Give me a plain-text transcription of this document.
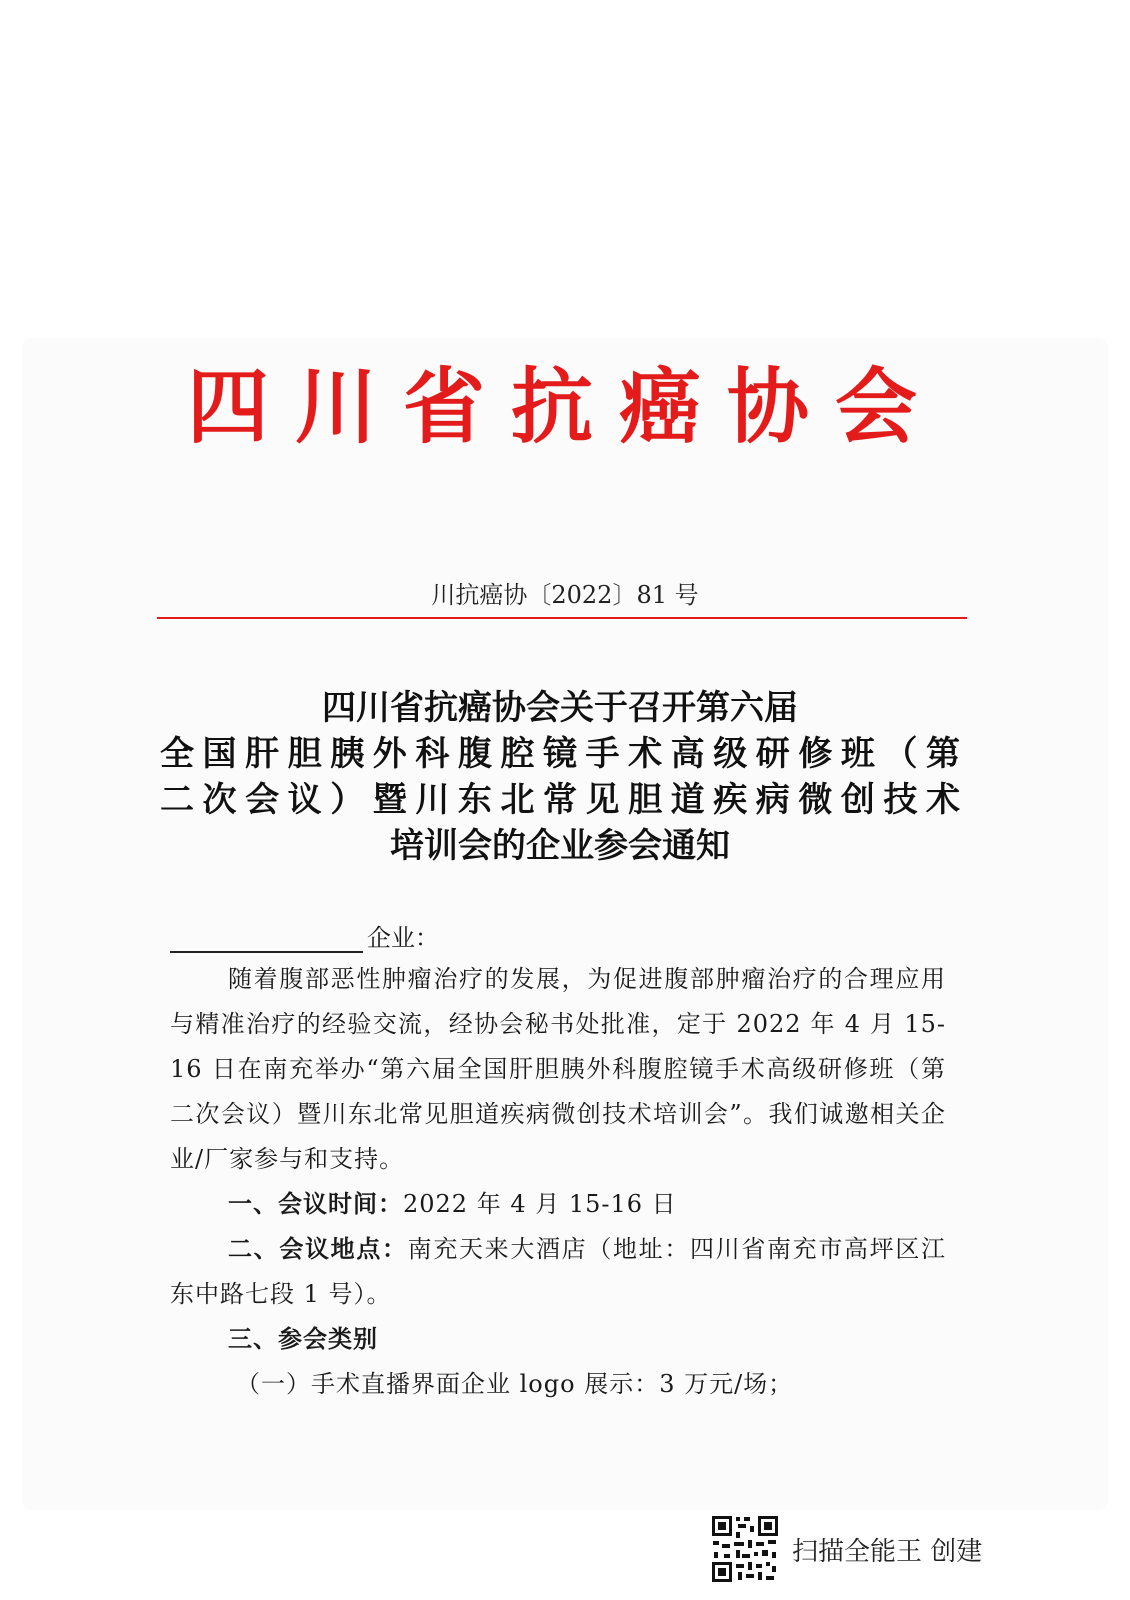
四川省抗癌协会
川抗癌协〔2022〕81 号
四川省抗癌协会关于召开第六届
全国肝胆胰外科腹腔镜手术高级研修班（第
二次会议）暨川东北常见胆道疾病微创技术
培训会的企业参会通知
企业：

随着腹部恶性肿瘤治疗的发展，为促进腹部肿瘤治疗的合理应用与精准治疗的经验交流，经协会秘书处批准，定于 2022 年 4 月 15-16 日在南充举办“第六届全国肝胆胰外科腹腔镜手术高级研修班（第二次会议）暨川东北常见胆道疾病微创技术培训会”。我们诚邀相关企业/厂家参与和支持。

一、会议时间：2022 年 4 月 15-16 日

二、会议地点：南充天来大酒店（地址：四川省南充市高坪区江东中路七段 1 号）。

三、参会类别

（一）手术直播界面企业 logo 展示：3 万元/场；

扫描全能王 创建
